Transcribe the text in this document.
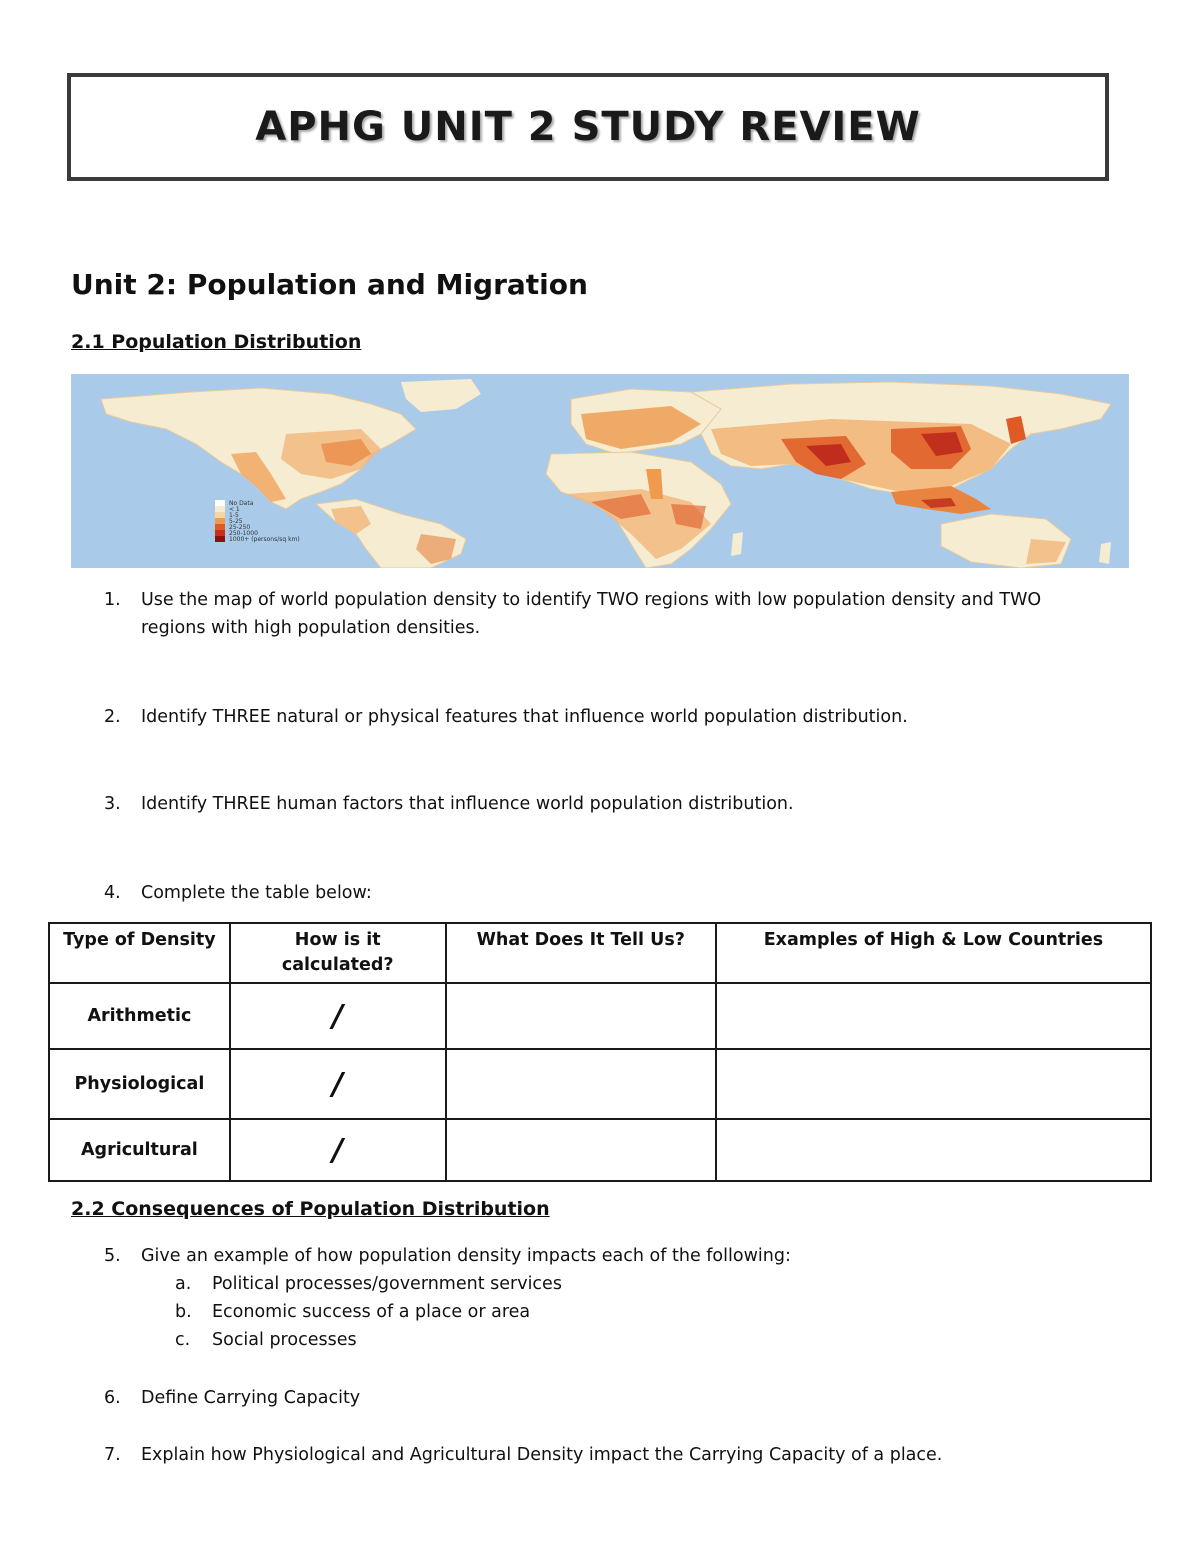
APHG UNIT 2 STUDY REVIEW
Unit 2: Population and Migration
2.1 Population Distribution
No Data
< 1
1-5
5-25
25-250
250-1000
1000+ (persons/sq km)
1. Use the map of world population density to identify TWO regions with low population density and TWO regions with high population densities.
2. Identify THREE natural or physical features that influence world population distribution.
3. Identify THREE human factors that influence world population distribution.
4. Complete the table below:
Type of Density	How is it calculated?	What Does It Tell Us?	Examples of High & Low Countries
Arithmetic	/		
Physiological	/		
Agricultural	/		
2.2 Consequences of Population Distribution
5. Give an example of how population density impacts each of the following:
a. Political processes/government services
b. Economic success of a place or area
c. Social processes
6. Define Carrying Capacity
7. Explain how Physiological and Agricultural Density impact the Carrying Capacity of a place.
